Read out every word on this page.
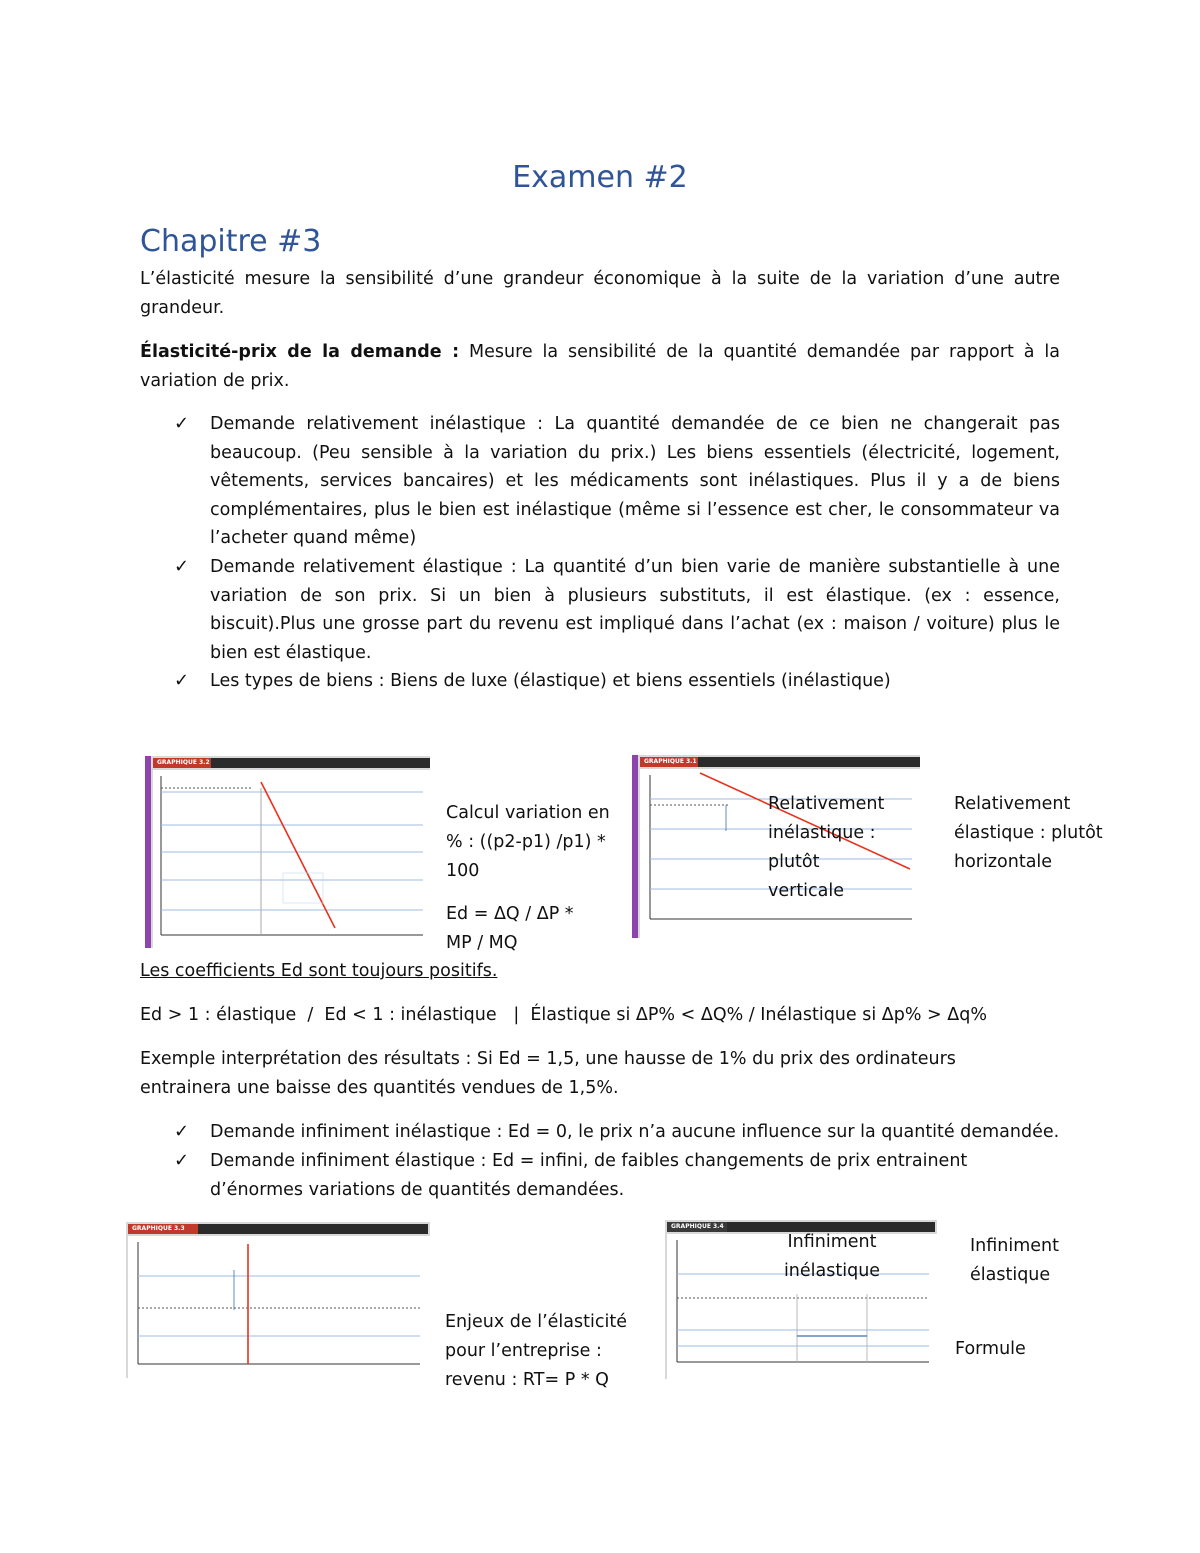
Examen #2
Chapitre #3
L’élasticité mesure la sensibilité d’une grandeur économique à la suite de la variation d’une autre grandeur.
Élasticité-prix de la demande : Mesure la sensibilité de la quantité demandée par rapport à la variation de prix.
✓ Demande relativement inélastique : La quantité demandée de ce bien ne changerait pas beaucoup. (Peu sensible à la variation du prix.) Les biens essentiels (électricité, logement, vêtements, services bancaires) et les médicaments sont inélastiques. Plus il y a de biens complémentaires, plus le bien est inélastique (même si l’essence est cher, le consommateur va l’acheter quand même)
✓ Demande relativement élastique : La quantité d’un bien varie de manière substantielle à une variation de son prix. Si un bien à plusieurs substituts, il est élastique. (ex : essence, biscuit).Plus une grosse part du revenu est impliqué dans l’achat (ex : maison / voiture) plus le bien est élastique.
✓ Les types de biens : Biens de luxe (élastique) et biens essentiels (inélastique)
GRAPHIQUE 3.2
Calcul variation en % : ((p2-p1) /p1) * 100
Ed = ΔQ / ΔP * MP / MQ
GRAPHIQUE 3.1
Relativement inélastique : plutôt verticale
Relativement élastique : plutôt horizontale
Les coefficients Ed sont toujours positifs.
Ed > 1 : élastique  /  Ed < 1 : inélastique   |  Élastique si ΔP% < ΔQ% / Inélastique si Δp% > Δq%
Exemple interprétation des résultats : Si Ed = 1,5, une hausse de 1% du prix des ordinateurs entrainera une baisse des quantités vendues de 1,5%.
✓ Demande infiniment inélastique : Ed = 0, le prix n’a aucune influence sur la quantité demandée.
✓ Demande infiniment élastique : Ed = infini, de faibles changements de prix entrainent d’énormes variations de quantités demandées.
GRAPHIQUE 3.3
Enjeux de l’élasticité pour l’entreprise : revenu : RT= P * Q
GRAPHIQUE 3.4
Infiniment inélastique
Infiniment élastique
Formule
